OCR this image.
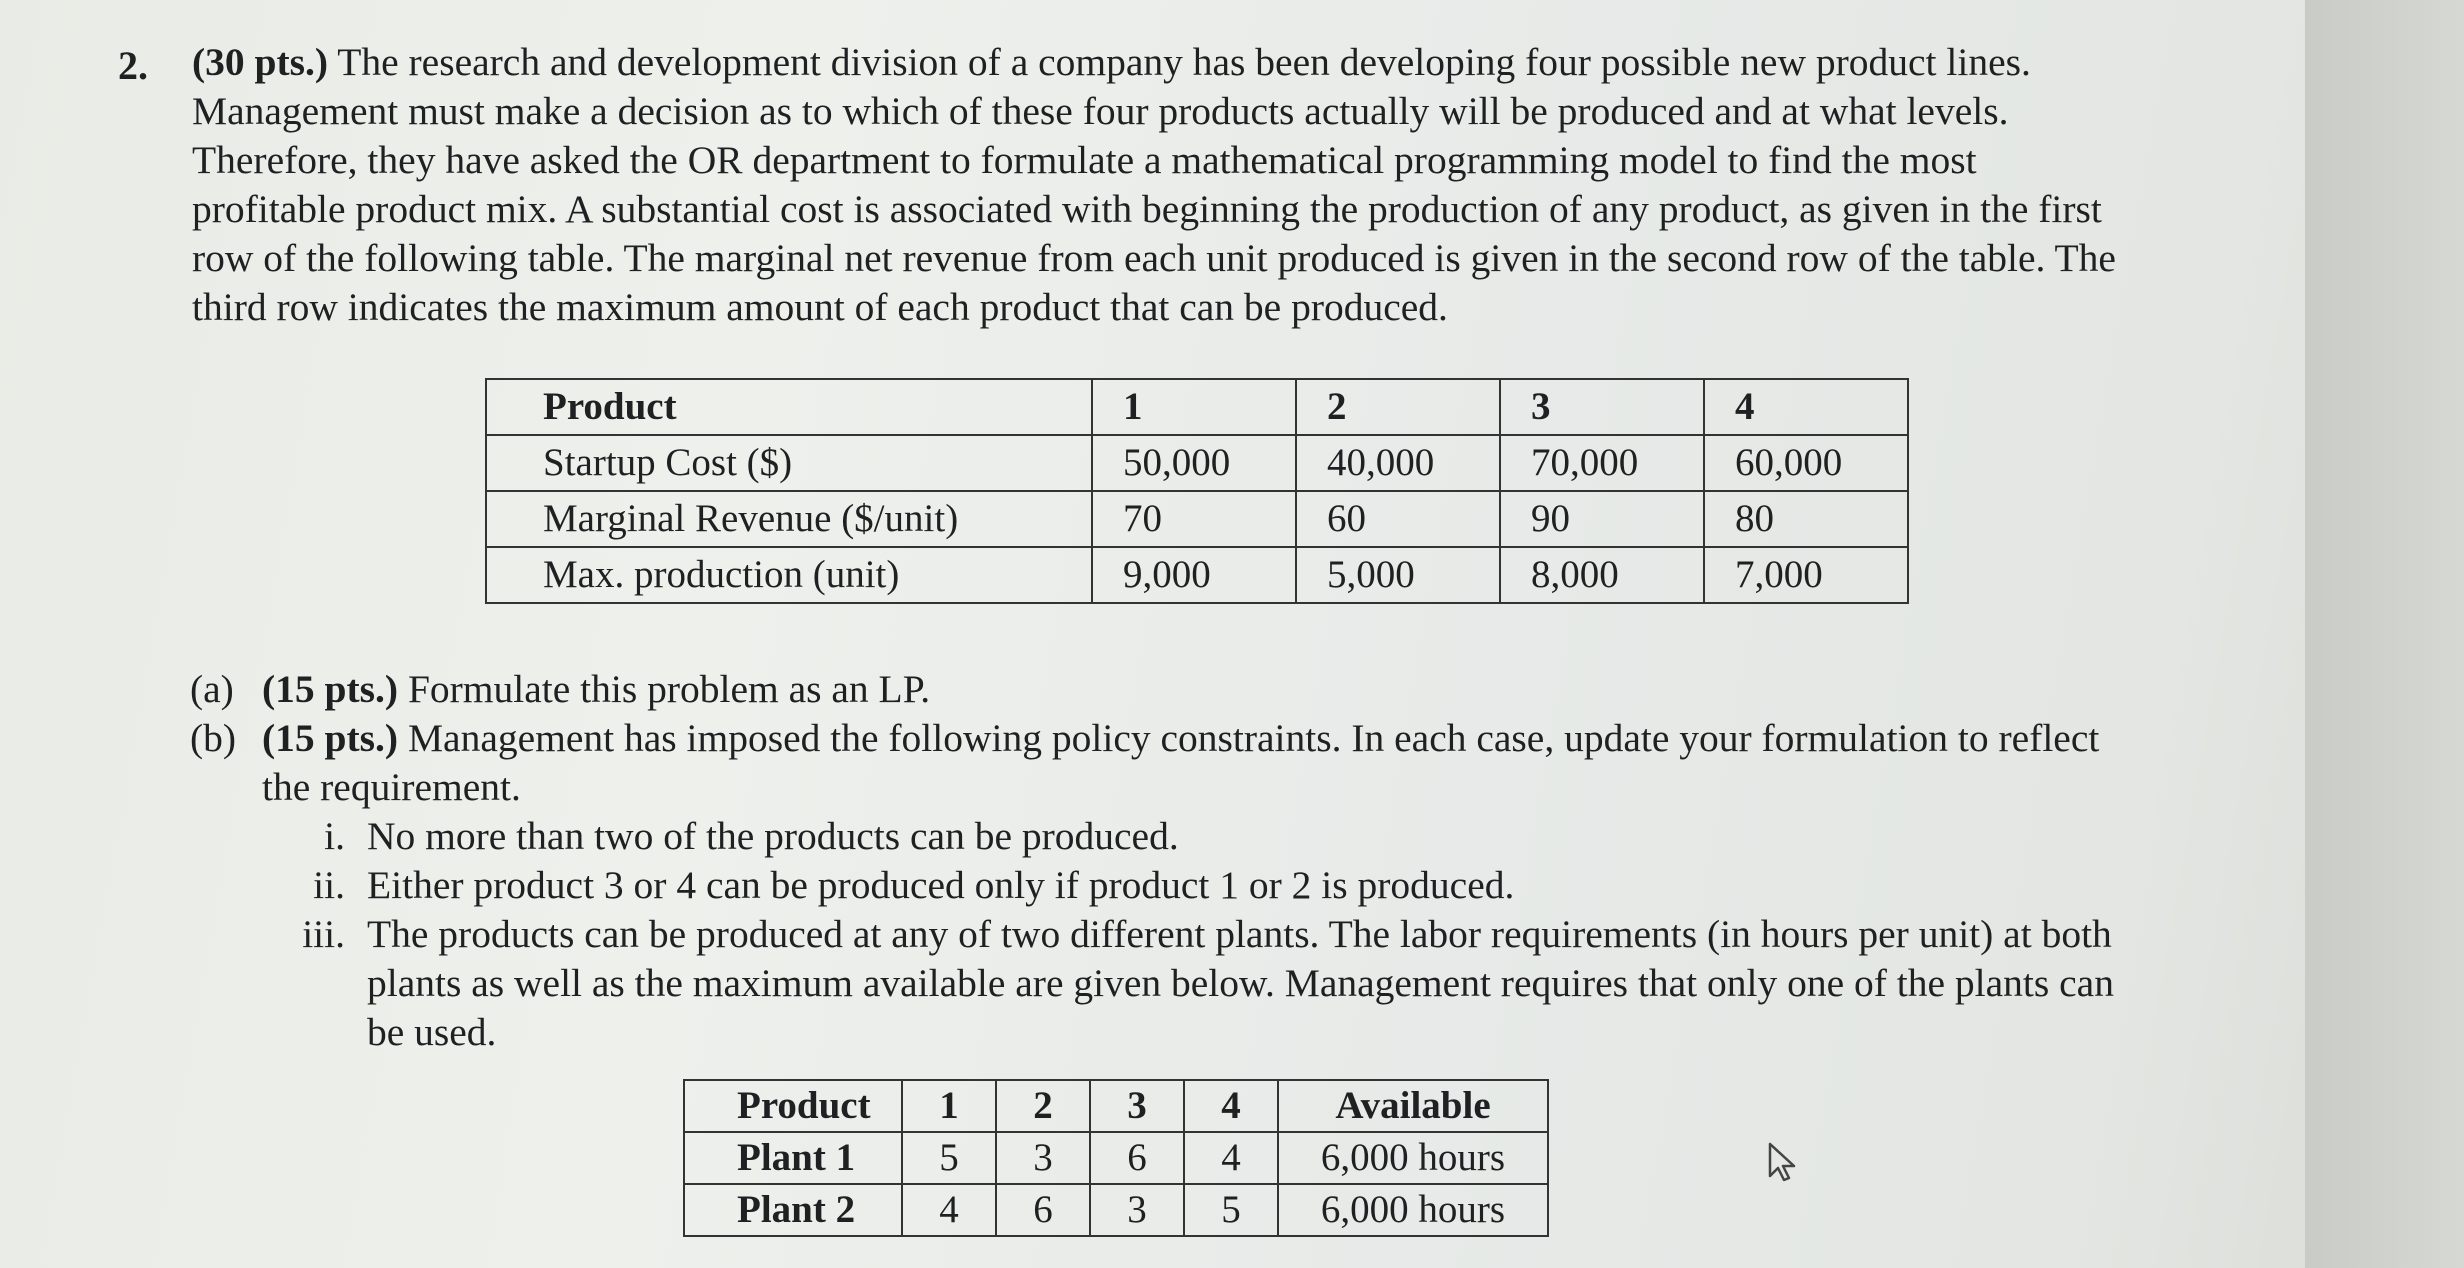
2. (30 pts.) The research and development division of a company has been developing four possible new product lines. Management must make a decision as to which of these four products actually will be produced and at what levels. Therefore, they have asked the OR department to formulate a mathematical programming model to find the most profitable product mix. A substantial cost is associated with beginning the production of any product, as given in the first row of the following table. The marginal net revenue from each unit produced is given in the second row of the table. The third row indicates the maximum amount of each product that can be produced.
Product	1	2	3	4
Startup Cost ($)	50,000	40,000	70,000	60,000
Marginal Revenue ($/unit)	70	60	90	80
Max. production (unit)	9,000	5,000	8,000	7,000
(a) (15 pts.) Formulate this problem as an LP.
(b) (15 pts.) Management has imposed the following policy constraints. In each case, update your formulation to reflect the requirement.
i. No more than two of the products can be produced.
ii. Either product 3 or 4 can be produced only if product 1 or 2 is produced.
iii. The products can be produced at any of two different plants. The labor requirements (in hours per unit) at both plants as well as the maximum available are given below. Management requires that only one of the plants can be used.
Product	1	2	3	4	Available
Plant 1	5	3	6	4	6,000 hours
Plant 2	4	6	3	5	6,000 hours
